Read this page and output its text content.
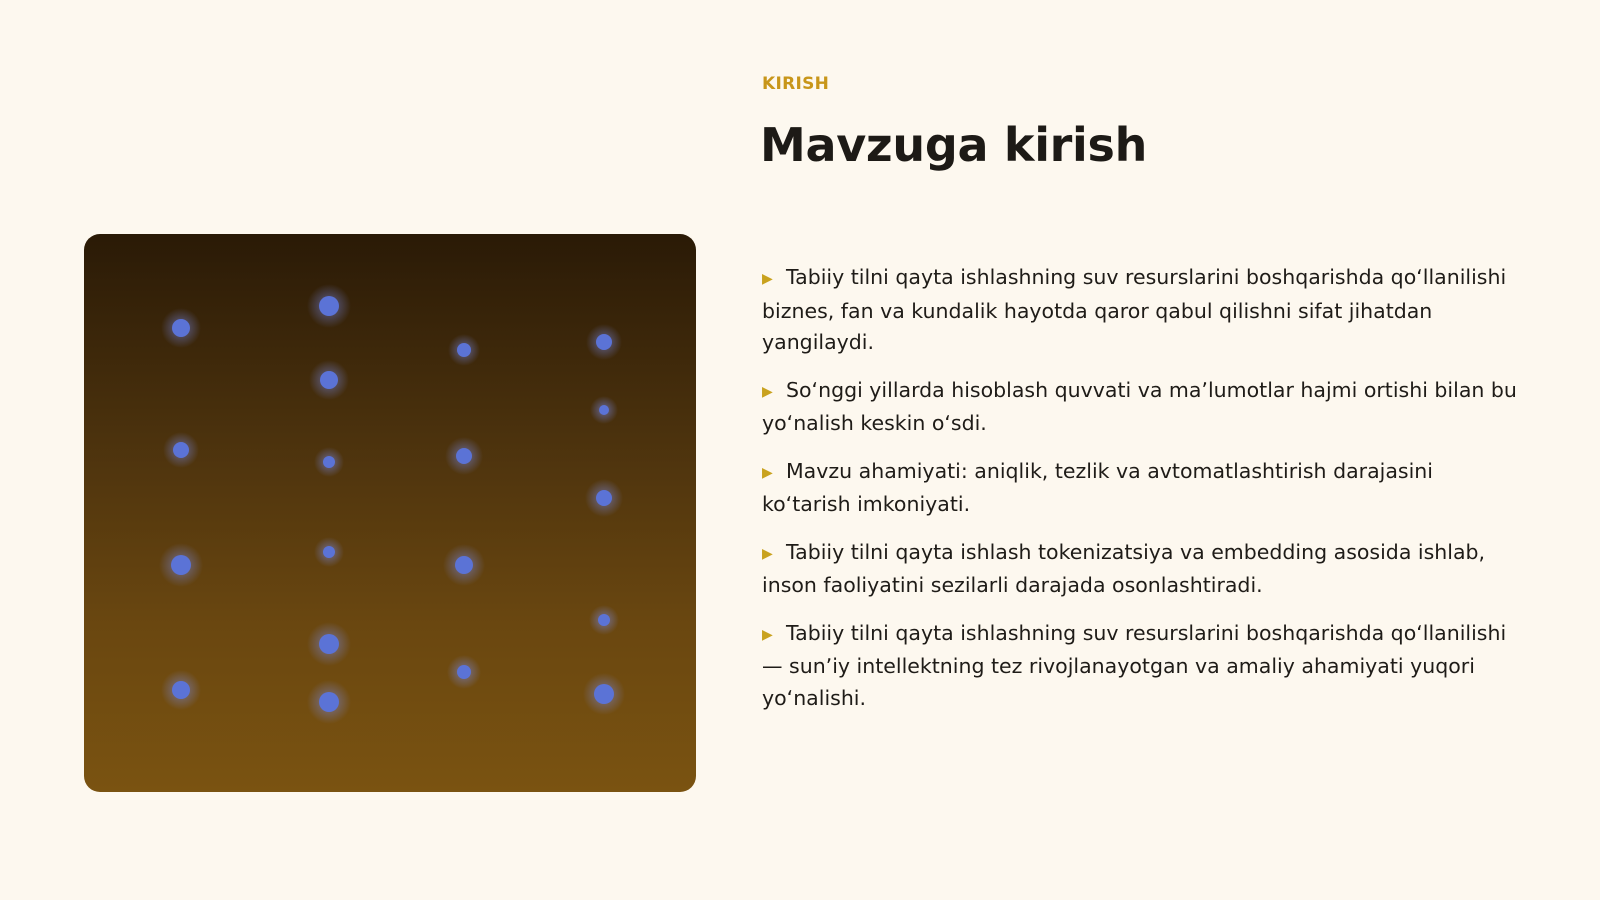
KIRISH
Mavzuga kirish
▶ Tabiiy tilni qayta ishlashning suv resurslarini boshqarishda qoʻllanilishi biznes, fan va kundalik hayotda qaror qabul qilishni sifat jihatdan yangilaydi.
▶ Soʻnggi yillarda hisoblash quvvati va maʼlumotlar hajmi ortishi bilan bu yoʻnalish keskin oʻsdi.
▶ Mavzu ahamiyati: aniqlik, tezlik va avtomatlashtirish darajasini koʻtarish imkoniyati.
▶ Tabiiy tilni qayta ishlash tokenizatsiya va embedding asosida ishlab, inson faoliyatini sezilarli darajada osonlashtiradi.
▶ Tabiiy tilni qayta ishlashning suv resurslarini boshqarishda qoʻllanilishi — sunʼiy intellektning tez rivojlanayotgan va amaliy ahamiyati yuqori yoʻnalishi.
